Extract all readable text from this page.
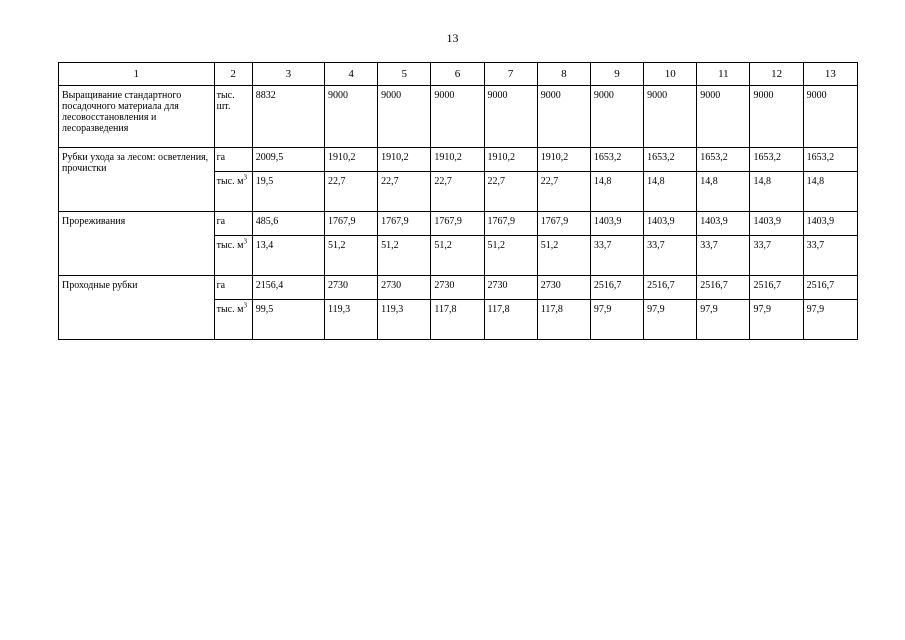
13
1	2	3	4	5	6	7	8	9	10	11	12	13

Выращивание стандартного посадочного материала для лесовосстановления и лесоразведения	тыс. шт.	8832	9000	9000	9000	9000	9000	9000	9000	9000	9000	9000

Рубки ухода за лесом: осветления, прочистки	га	2009,5	1910,2	1910,2	1910,2	1910,2	1910,2	1653,2	1653,2	1653,2	1653,2	1653,2

	тыс. $м^3$	19,5	22,7	22,7	22,7	22,7	22,7	14,8	14,8	14,8	14,8	14,8

Прореживания	га	485,6	1767,9	1767,9	1767,9	1767,9	1767,9	1403,9	1403,9	1403,9	1403,9	1403,9

	тыс. $м^3$	13,4	51,2	51,2	51,2	51,2	51,2	33,7	33,7	33,7	33,7	33,7

Проходные рубки	га	2156,4	2730	2730	2730	2730	2730	2516,7	2516,7	2516,7	2516,7	2516,7

	тыс. $м^3$	99,5	119,3	119,3	117,8	117,8	117,8	97,9	97,9	97,9	97,9	97,9
